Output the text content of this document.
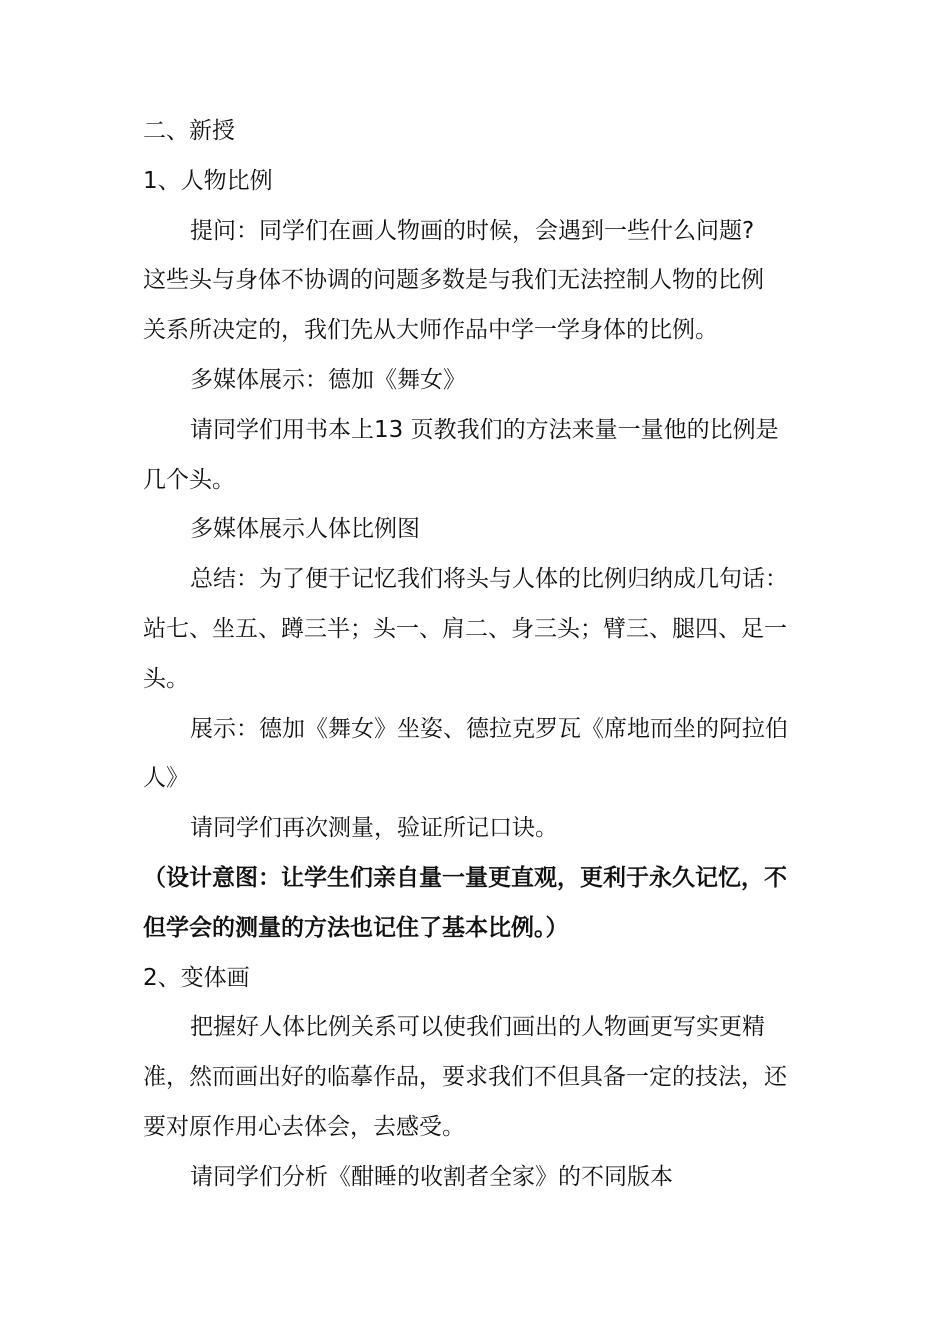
二、新授
1、人物比例
提问：同学们在画人物画的时候，会遇到一些什么问题?
这些头与身体不协调的问题多数是与我们无法控制人物的比例
关系所决定的，我们先从大师作品中学一学身体的比例。
多媒体展示：德加《舞女》
请同学们用书本上13 页教我们的方法来量一量他的比例是
几个头。
多媒体展示人体比例图
总结：为了便于记忆我们将头与人体的比例归纳成几句话：
站七、坐五、蹲三半；头一、肩二、身三头；臂三、腿四、足一
头。
展示：德加《舞女》坐姿、德拉克罗瓦《席地而坐的阿拉伯
人》
请同学们再次测量，验证所记口诀。
（设计意图：让学生们亲自量一量更直观，更利于永久记忆，不
但学会的测量的方法也记住了基本比例。）
2、变体画
把握好人体比例关系可以使我们画出的人物画更写实更精
准，然而画出好的临摹作品，要求我们不但具备一定的技法，还
要对原作用心去体会，去感受。
请同学们分析《酣睡的收割者全家》的不同版本
